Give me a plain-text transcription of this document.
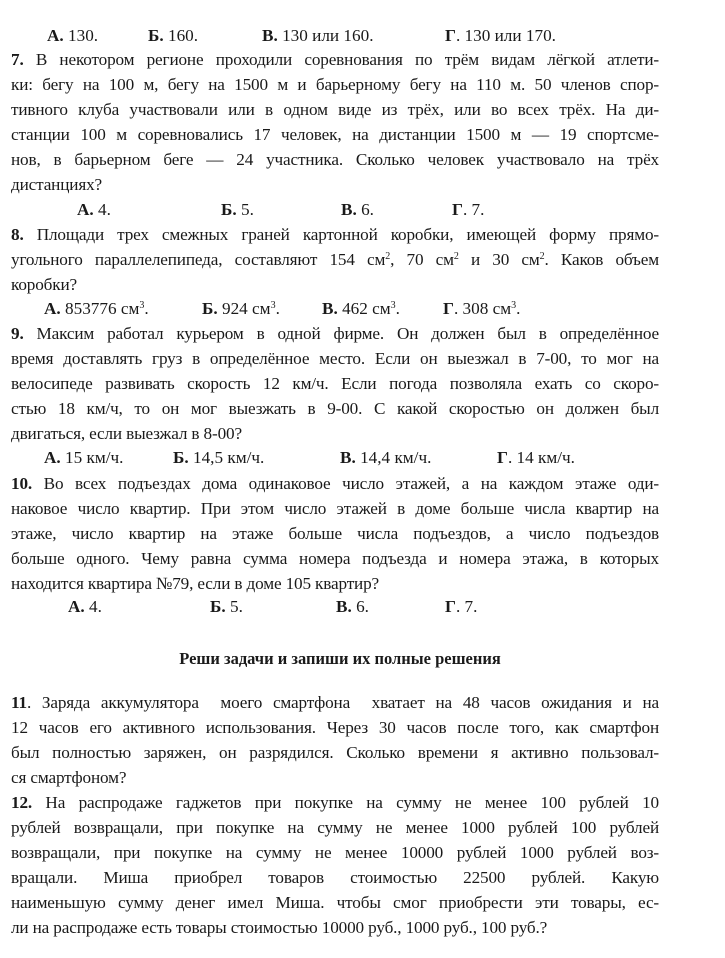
А. 130.	Б. 160.	В. 130 или 160.	Г. 130 или 170.
7. В некотором регионе проходили соревнования по трём видам лёгкой атлети-
ки: бегу на 100 м, бегу на 1500 м и барьерному бегу на 110 м. 50 членов спор-
тивного клуба участвовали или в одном виде из трёх, или во всех трёх. На ди-
станции 100 м соревновались 17 человек, на дистанции 1500 м — 19 спортсме-
нов, в барьерном беге — 24 участника. Сколько человек участвовало на трёх
дистанциях?
А. 4.	Б. 5.	В. 6.	Г. 7.
8. Площади трех смежных граней картонной коробки, имеющей форму прямо-
угольного параллелепипеда, составляют 154 $см^2$, 70 $см^2$ и 30 $см^2$. Каков объем
коробки?
А. 853776 $см^3$.	Б. 924 $см^3$. В. 462 $см^3$.	Г. 308 $см^3$.
9. Максим работал курьером в одной фирме. Он должен был в определённое
время доставлять груз в определённое место. Если он выезжал в 7-00, то мог на
велосипеде развивать скорость 12 км/ч. Если погода позволяла ехать со скоро-
стью 18 км/ч, то он мог выезжать в 9-00. С какой скоростью он должен был
двигаться, если выезжал в 8-00?
А. 15 км/ч.	Б. 14,5 км/ч.	В. 14,4 км/ч.	Г. 14 км/ч.
10. Во всех подъездах дома одинаковое число этажей, а на каждом этаже оди-
наковое число квартир. При этом число этажей в доме больше числа квартир на
этаже, число квартир на этаже больше числа подъездов, а число подъездов
больше одного. Чему равна сумма номера подъезда и номера этажа, в которых
находится квартира №79, если в доме 105 квартир?
А. 4.	Б. 5.	В. 6.	Г. 7.
Реши задачи и запиши их полные решения
11. Заряда аккумулятора  моего смартфона  хватает на 48 часов ожидания и на
12 часов его активного использования. Через 30 часов после того, как смартфон
был полностью заряжен, он разрядился. Сколько времени я активно пользовал-
ся смартфоном?
12. На распродаже гаджетов при покупке на сумму не менее 100 рублей 10
рублей возвращали, при покупке на сумму не менее 1000 рублей 100 рублей
возвращали, при покупке на сумму не менее 10000 рублей 1000 рублей воз-
вращали. Миша приобрел товаров стоимостью 22500 рублей. Какую
наименьшую сумму денег имел Миша. чтобы смог приобрести эти товары, ес-
ли на распродаже есть товары стоимостью 10000 руб., 1000 руб., 100 руб.?
